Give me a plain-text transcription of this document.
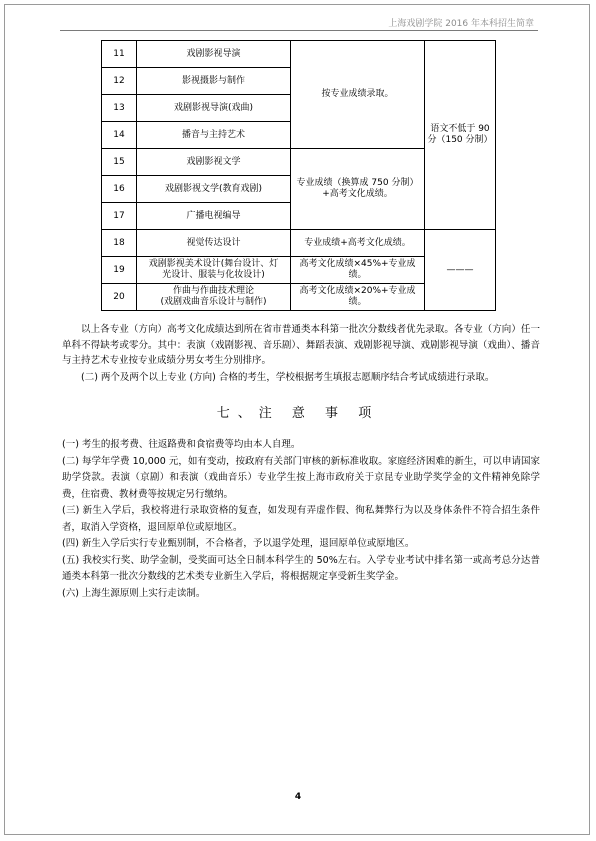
上海戏剧学院 2016 年本科招生简章
11	戏剧影视导演	按专业成绩录取。	语文不低于 90 分（150 分制）
12	影视摄影与制作		
13	戏剧影视导演(戏曲)		
14	播音与主持艺术		
15	戏剧影视文学	专业成绩（换算成 750 分制）+高考文化成绩。	
16	戏剧影视文学(教育戏剧)		
17	广播电视编导		
18	视觉传达设计	专业成绩+高考文化成绩。	———
19	戏剧影视美术设计(舞台设计、灯
光设计、服装与化妆设计)	高考文化成绩×45%+专业成绩。	
20	作曲与作曲技术理论
(戏剧戏曲音乐设计与制作)	高考文化成绩×20%+专业成绩。	
以上各专业（方向）高考文化成绩达到所在省市普通类本科第一批次分数线者优先录取。各专业（方向）任一单科不得缺考或零分。其中：表演（戏剧影视、音乐剧）、舞蹈表演、戏剧影视导演、戏剧影视导演（戏曲）、播音与主持艺术专业按专业成绩分男女考生分别排序。
(二) 两个及两个以上专业 (方向) 合格的考生，学校根据考生填报志愿顺序结合考试成绩进行录取。
七、注 意 事 项

(一) 考生的报考费、往返路费和食宿费等均由本人自理。

(二) 每学年学费 10,000 元，如有变动，按政府有关部门审核的新标准收取。家庭经济困难的新生，可以申请国家助学贷款。表演（京剧）和表演（戏曲音乐）专业学生按上海市政府关于京昆专业助学奖学金的文件精神免除学费，住宿费、教材费等按规定另行缴纳。

(三) 新生入学后，我校将进行录取资格的复查，如发现有弄虚作假、徇私舞弊行为以及身体条件不符合招生条件者，取消入学资格，退回原单位或原地区。

(四) 新生入学后实行专业甄别制，不合格者，予以退学处理，退回原单位或原地区。

(五) 我校实行奖、助学金制，受奖面可达全日制本科学生的 50%左右。入学专业考试中排名第一或高考总分达普通类本科第一批次分数线的艺术类专业新生入学后，将根据规定享受新生奖学金。

(六) 上海生源原则上实行走读制。

4
